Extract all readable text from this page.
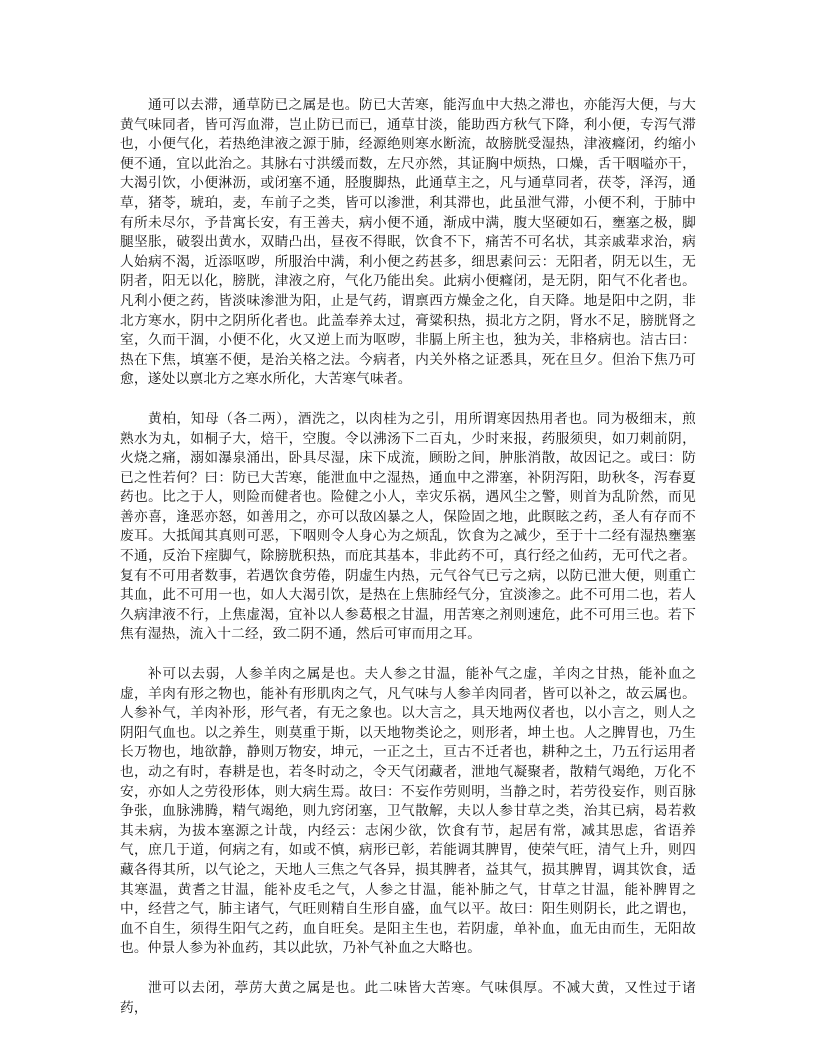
通可以去滞，通草防已之属是也。防已大苦寒，能泻血中大热之滞也，亦能泻大便，与大黄气味同者，皆可泻血滞，岂止防已而已，通草甘淡，能助西方秋气下降，利小便，专泻气滞也，小便气化，若热绝津液之源于肺，经源绝则寒水断流，故膀胱受湿热，津液癃闭，约缩小便不通，宜以此治之。其脉右寸洪缓而数，左尺亦然，其证胸中烦热，口燥，舌干咽嗌亦干，大渴引饮，小便淋沥，或闭塞不通，胫腹脚热，此通草主之，凡与通草同者，茯苓，泽泻，通草，猪苓，琥珀，麦，车前子之类，皆可以渗泄，利其滞也，此虽泄气滞，小便不利，于肺中有所未尽尔，予昔寓长安，有王善夫，病小便不通，渐成中满，腹大坚硬如石，壅塞之极，脚腿坚胀，破裂出黄水，双睛凸出，昼夜不得眠，饮食不下，痛苦不可名状，其亲戚辈求治，病人始病不渴，近添呕哕，所服治中满，利小便之药甚多，细思素问云：无阳者，阴无以生，无阴者，阳无以化，膀胱，津液之府，气化乃能出矣。此病小便癃闭，是无阴，阳气不化者也。凡利小便之药，皆淡味渗泄为阳，止是气药，谓禀西方燥金之化，自天降。地是阳中之阴，非北方寒水，阴中之阴所化者也。此盖奉养太过，膏粱积热，损北方之阴，肾水不足，膀胱肾之室，久而干涸，小便不化，火又逆上而为呕哕，非膈上所主也，独为关，非格病也。洁古曰：热在下焦，填塞不便，是治关格之法。今病者，内关外格之证悉具，死在旦夕。但治下焦乃可愈，遂处以禀北方之寒水所化，大苦寒气味者。

黄柏，知母（各二两），酒洗之，以肉桂为之引，用所谓寒因热用者也。同为极细末，煎熟水为丸，如桐子大，焙干，空腹。令以沸汤下二百丸，少时来报，药服须臾，如刀刺前阴，火烧之痛，溺如瀑泉涌出，卧具尽湿，床下成流，顾盼之间，肿胀消散，故因记之。或曰：防已之性若何？曰：防已大苦寒，能泄血中之湿热，通血中之滞塞，补阴泻阳，助秋冬，泻春夏药也。比之于人，则险而健者也。险健之小人，幸灾乐祸，遇风尘之警，则首为乱阶然，而见善亦喜，逢恶亦怒，如善用之，亦可以敌凶暴之人，保险固之地，此瞑眩之药，圣人有存而不废耳。大抵闻其真则可恶，下咽则令人身心为之烦乱，饮食为之减少，至于十二经有湿热壅塞不通，反治下痓脚气，除膀胱积热，而庇其基本，非此药不可，真行经之仙药，无可代之者。复有不可用者数事，若遇饮食劳倦，阴虚生内热，元气谷气已亏之病，以防已泄大便，则重亡其血，此不可用一也，如人大渴引饮，是热在上焦肺经气分，宜淡渗之。此不可用二也，若人久病津液不行，上焦虚渴，宜补以人参葛根之甘温，用苦寒之剂则速危，此不可用三也。若下焦有湿热，流入十二经，致二阴不通，然后可审而用之耳。

补可以去弱，人参羊肉之属是也。夫人参之甘温，能补气之虚，羊肉之甘热，能补血之虚，羊肉有形之物也，能补有形肌肉之气，凡气味与人参羊肉同者，皆可以补之，故云属也。人参补气，羊肉补形，形气者，有无之象也。以大言之，具天地两仪者也，以小言之，则人之阴阳气血也。以之养生，则莫重于斯，以天地物类论之，则形者，坤土也。人之脾胃也，乃生长万物也，地欲静，静则万物安，坤元，一正之土，亘古不迁者也，耕种之土，乃五行运用者也，动之有时，春耕是也，若冬时动之，令天气闭藏者，泄地气凝聚者，散精气竭绝，万化不安，亦如人之劳役形体，则大病生焉。故曰：不妄作劳则明，当静之时，若劳役妄作，则百脉争张，血脉沸腾，精气竭绝，则九窍闭塞，卫气散解，夫以人参甘草之类，治其已病，曷若救其未病，为拔本塞源之计哉，内经云：志闲少欲，饮食有节，起居有常，减其思虑，省语养气，庶几于道，何病之有，如或不慎，病形已彰，若能调其脾胃，使荣气旺，清气上升，则四藏各得其所，以气论之，天地人三焦之气各异，损其脾者，益其气，损其脾胃，调其饮食，适其寒温，黄耆之甘温，能补皮毛之气，人参之甘温，能补肺之气，甘草之甘温，能补脾胃之中，经营之气，肺主诸气，气旺则精自生形自盛，血气以平。故曰：阳生则阴长，此之谓也，血不自生，须得生阳气之药，血自旺矣。是阳主生也，若阴虚，单补血，血无由而生，无阳故也。仲景人参为补血药，其以此欤，乃补气补血之大略也。

泄可以去闭，葶苈大黄之属是也。此二味皆大苦寒。气味俱厚。不减大黄，又性过于诸药，
